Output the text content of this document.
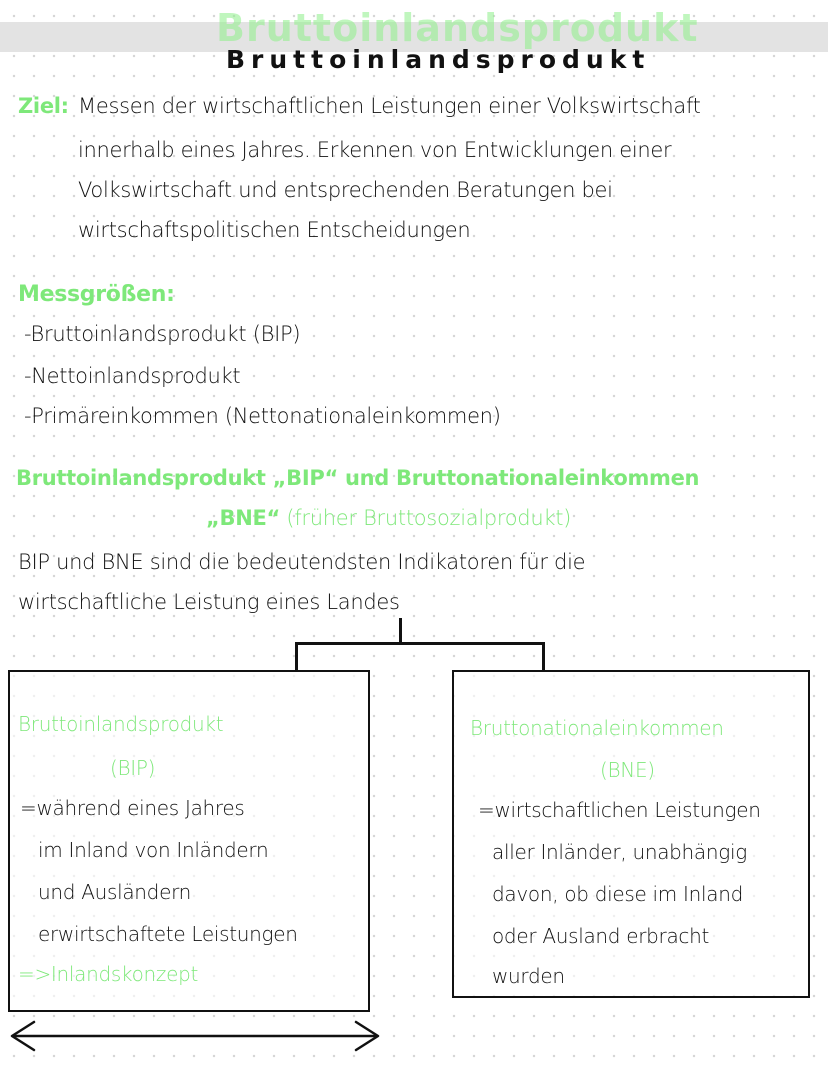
Bruttoinlandsprodukt
Bruttoinlandsprodukt
Ziel: Messen der wirtschaftlichen Leistungen einer Volkswirtschaft
innerhalb eines Jahres. Erkennen von Entwicklungen einer
Volkswirtschaft und entsprechenden Beratungen bei
wirtschaftspolitischen Entscheidungen
Messgrößen:
-Bruttoinlandsprodukt (BIP)
-Nettoinlandsprodukt
-Primäreinkommen (Nettonationaleinkommen)
Bruttoinlandsprodukt „BIP“ und Bruttonationaleinkommen
„BNE“ (früher Bruttosozialprodukt)
BIP und BNE sind die bedeutendsten Indikatoren für die
wirtschaftliche Leistung eines Landes
Bruttoinlandsprodukt
(BIP)
=während eines Jahres
im Inland von Inländern
und Ausländern
erwirtschaftete Leistungen
=>Inlandskonzept
Bruttonationaleinkommen
(BNE)
=wirtschaftlichen Leistungen
aller Inländer, unabhängig
davon, ob diese im Inland
oder Ausland erbracht
wurden
